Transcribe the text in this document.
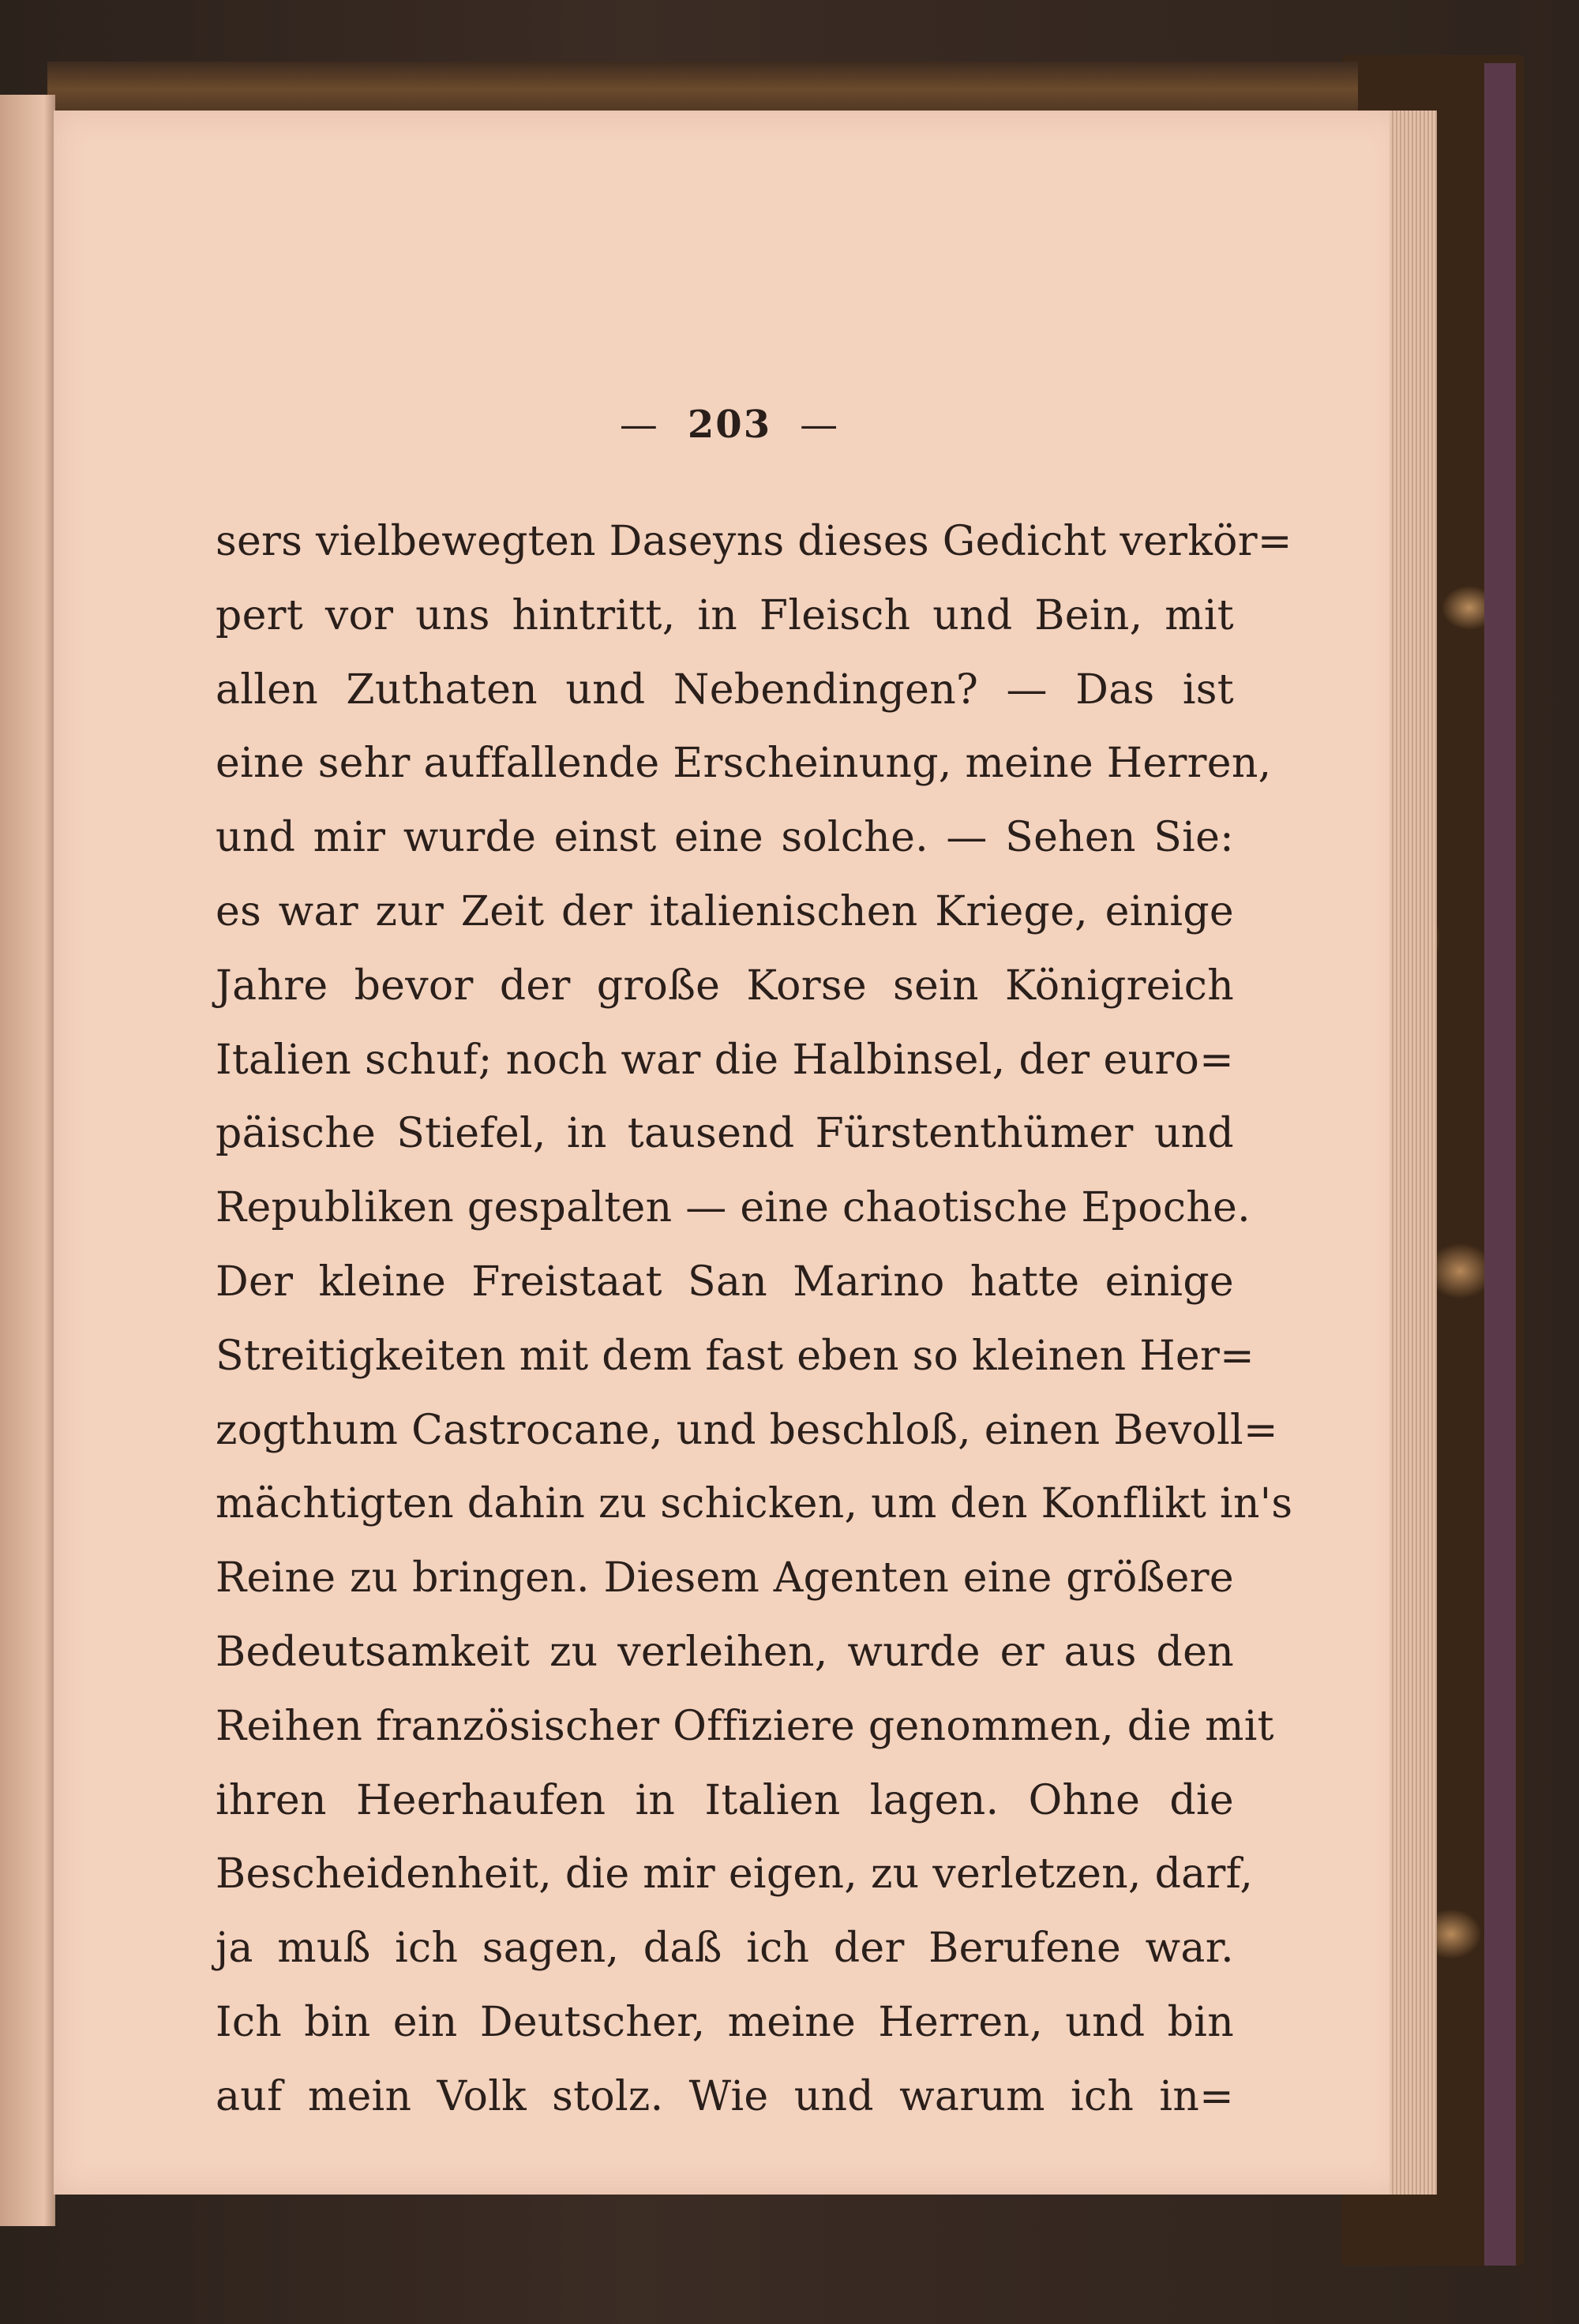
— 203 —
sers vielbewegten Daseyns dieses Gedicht verkör=
pert vor uns hintritt, in Fleisch und Bein, mit
allen Zuthaten und Nebendingen? — Das ist
eine sehr auffallende Erscheinung, meine Herren,
und mir wurde einst eine solche. — Sehen Sie:
es war zur Zeit der italienischen Kriege, einige
Jahre bevor der große Korse sein Königreich
Italien schuf; noch war die Halbinsel, der euro=
päische Stiefel, in tausend Fürstenthümer und
Republiken gespalten — eine chaotische Epoche.
Der kleine Freistaat San Marino hatte einige
Streitigkeiten mit dem fast eben so kleinen Her=
zogthum Castrocane, und beschloß, einen Bevoll=
mächtigten dahin zu schicken, um den Konflikt in's
Reine zu bringen. Diesem Agenten eine größere
Bedeutsamkeit zu verleihen, wurde er aus den
Reihen französischer Offiziere genommen, die mit
ihren Heerhaufen in Italien lagen. Ohne die
Bescheidenheit, die mir eigen, zu verletzen, darf,
ja muß ich sagen, daß ich der Berufene war.
Ich bin ein Deutscher, meine Herren, und bin
auf mein Volk stolz. Wie und warum ich in=
